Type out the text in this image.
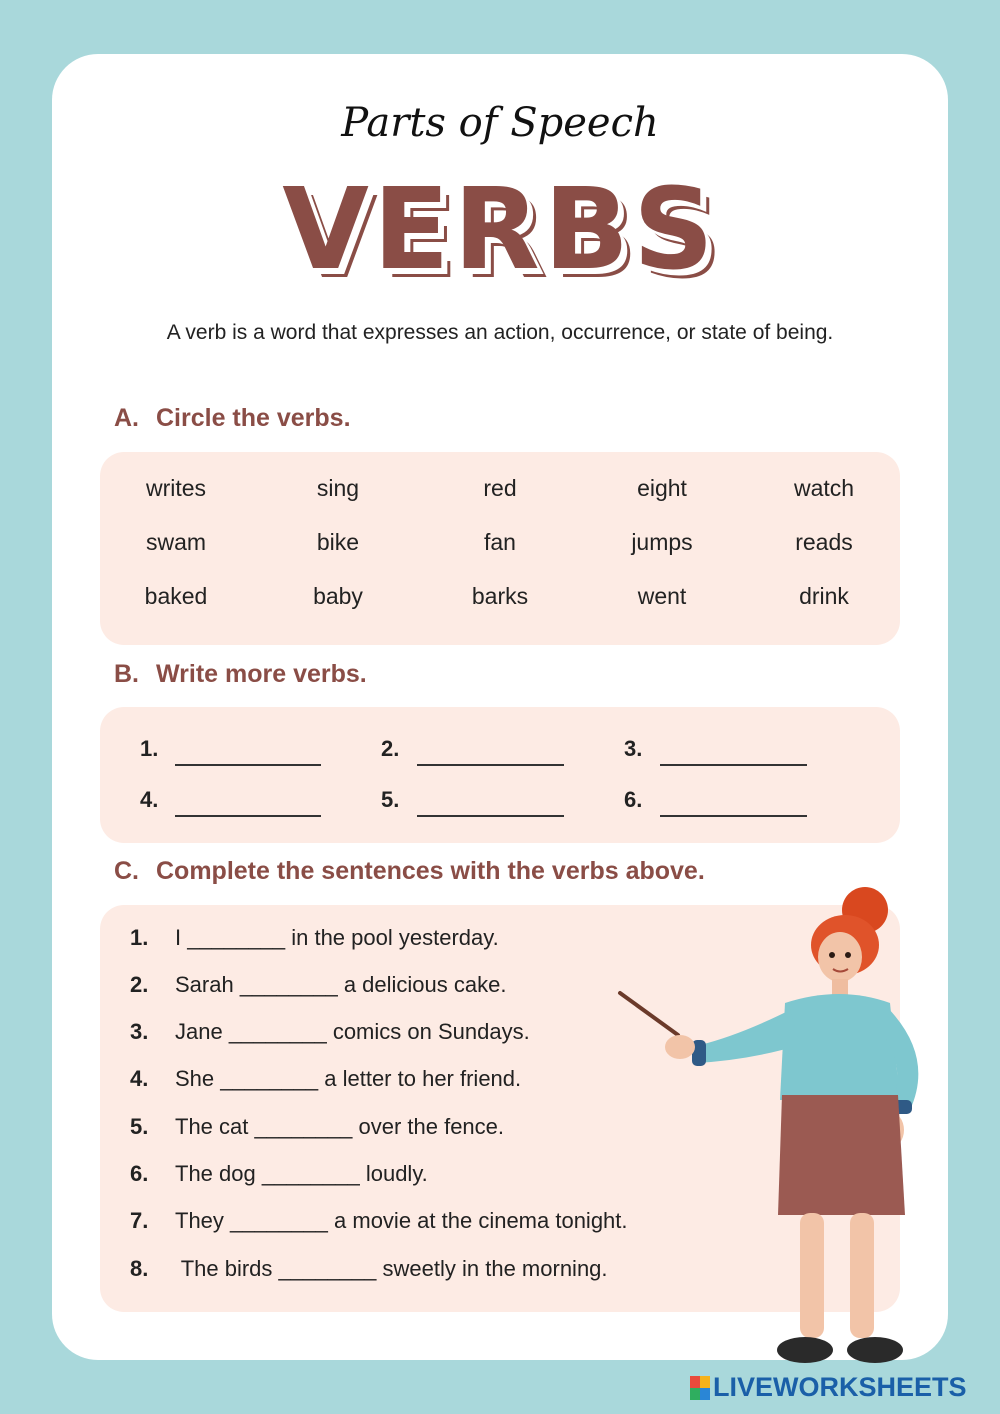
Parts of Speech
VERBS
A verb is a word that expresses an action, occurrence, or state of being.
A. Circle the verbs.
writes	sing	red	eight	watch
swam	bike	fan	jumps	reads
baked	baby	barks	went	drink
B. Write more verbs.
1.	2.	3.
4.	5.	6.
C. Complete the sentences with the verbs above.
1. I ________ in the pool yesterday.
2. Sarah ________ a delicious cake.
3. Jane ________ comics on Sundays.
4. She ________ a letter to her friend.
5. The cat ________ over the fence.
6. The dog ________ loudly.
7. They ________ a movie at the cinema tonight.
8. The birds ________ sweetly in the morning.
LIVEWORKSHEETS
